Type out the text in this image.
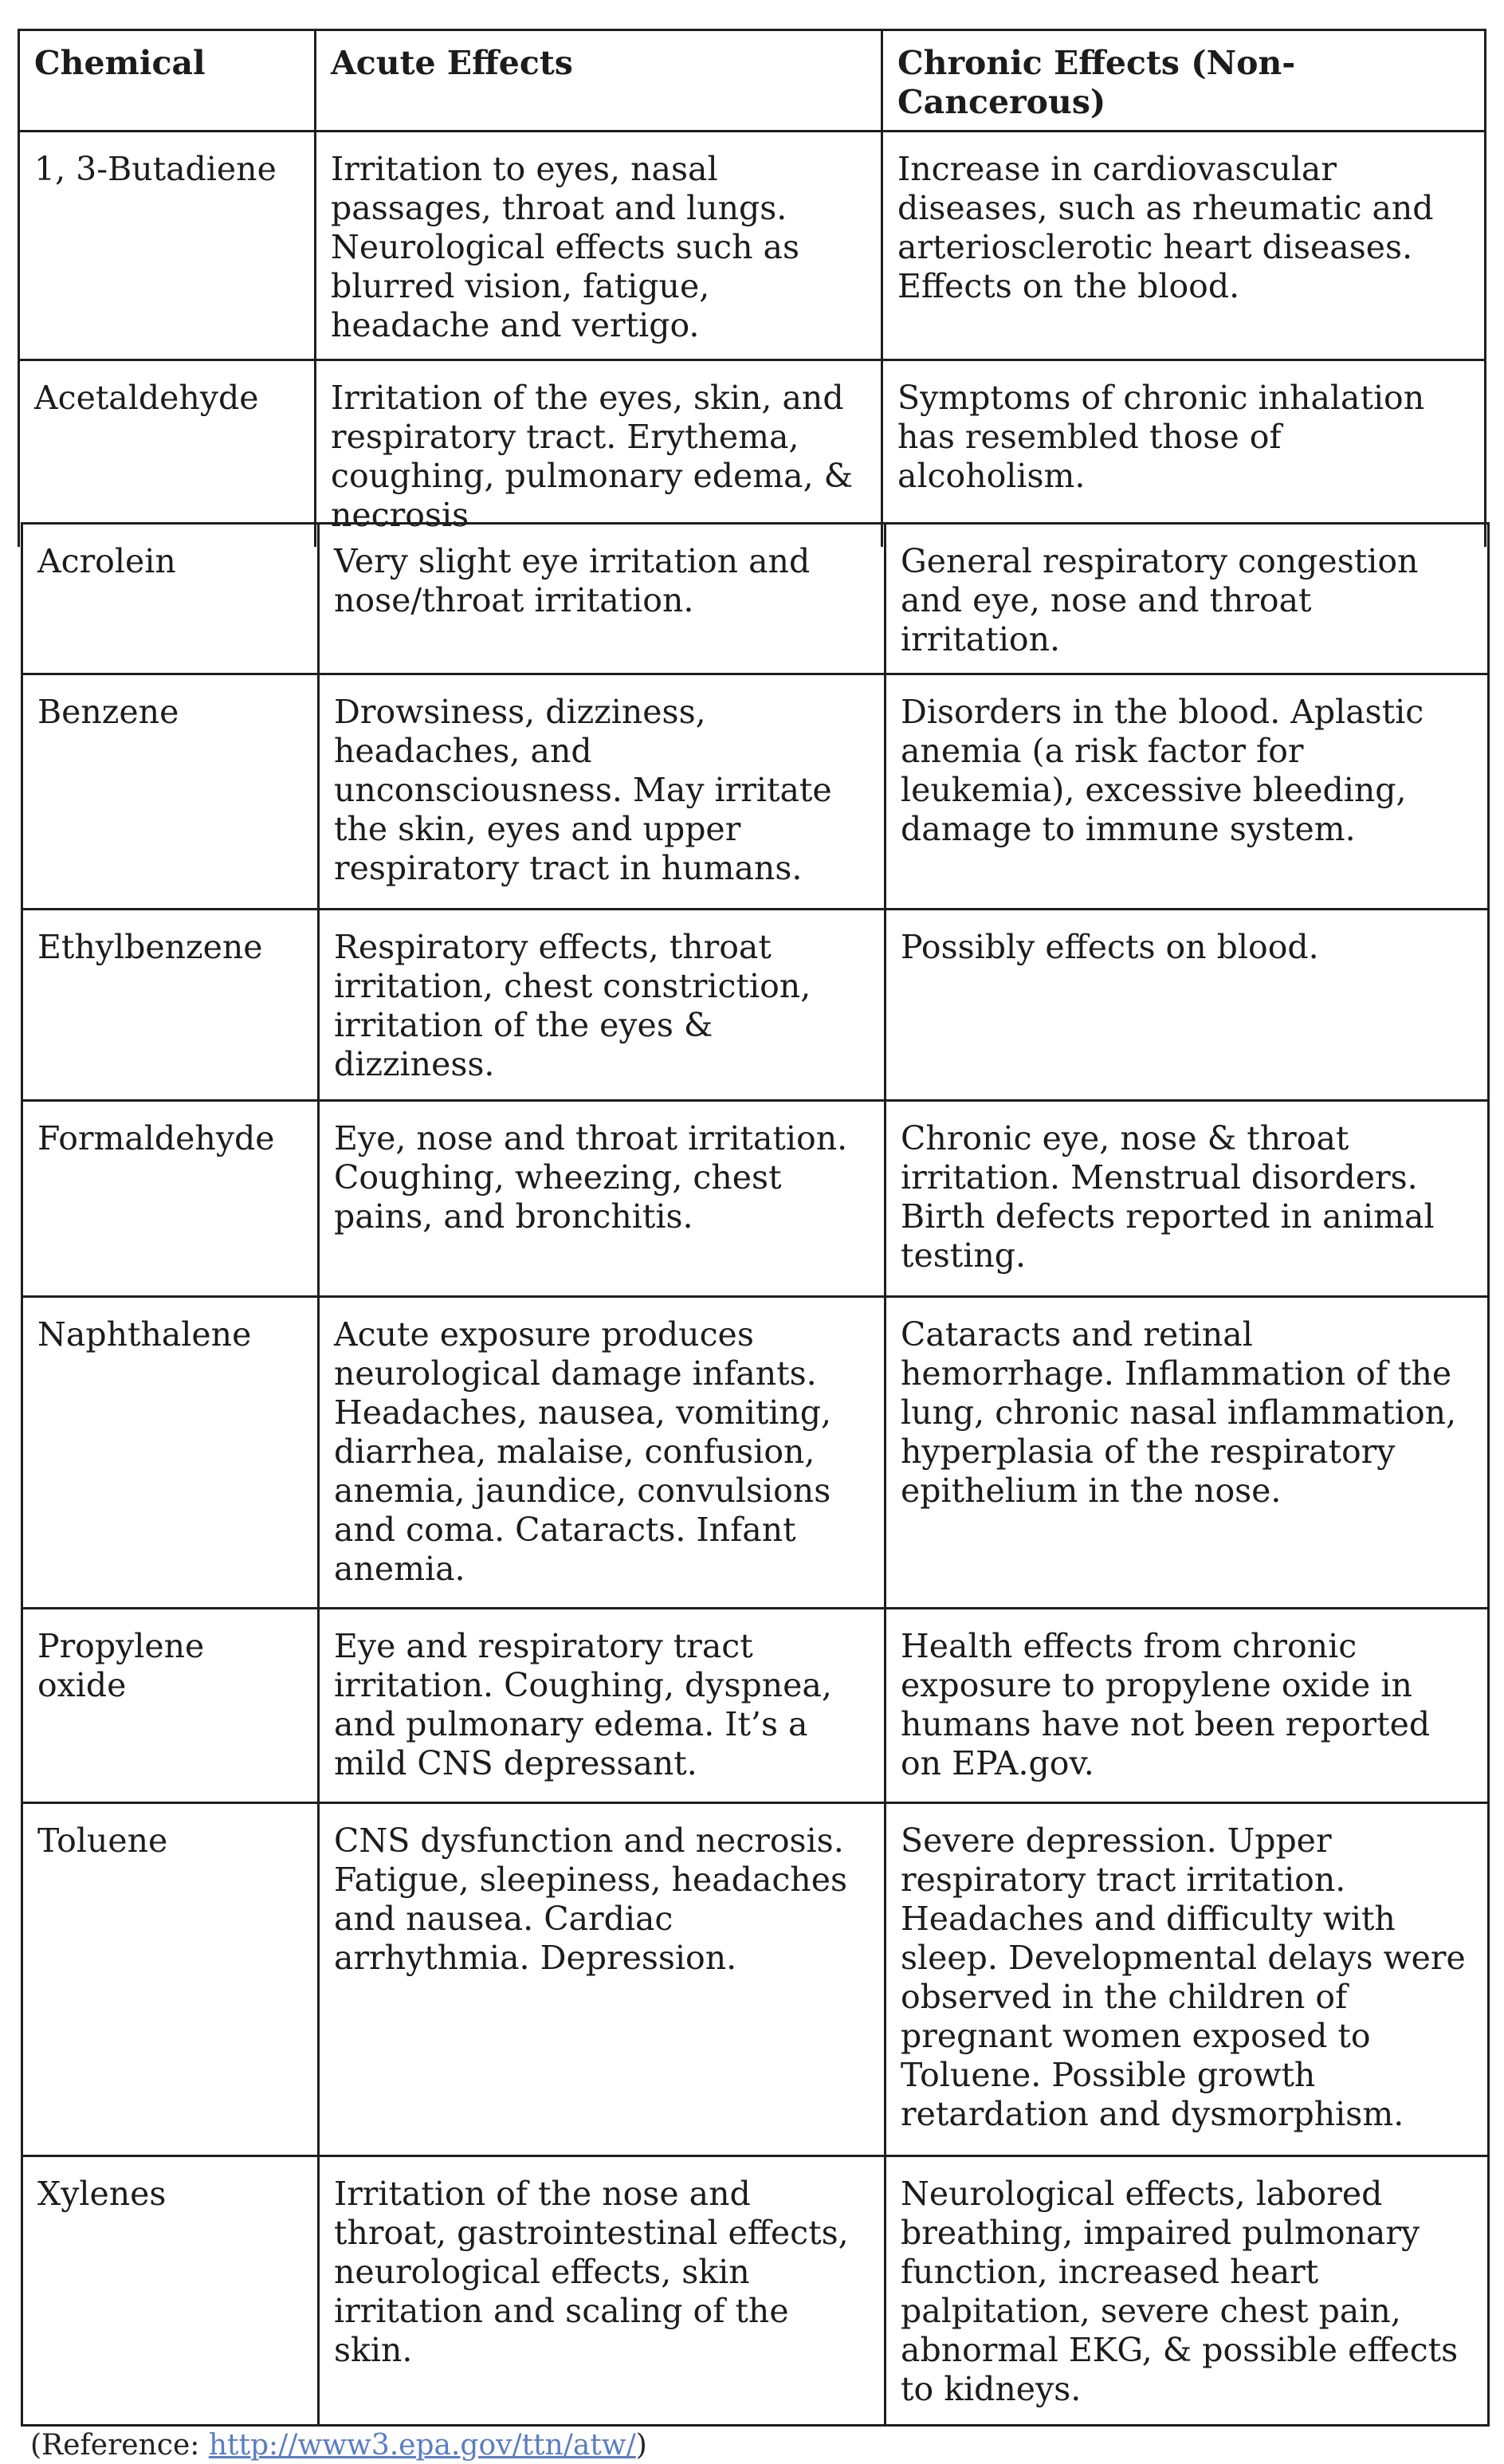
Chemical	Acute Effects	Chronic Effects (Non-Cancerous)
1, 3-Butadiene	Irritation to eyes, nasal passages, throat and lungs. Neurological effects such as blurred vision, fatigue, headache and vertigo.	Increase in cardiovascular diseases, such as rheumatic and arteriosclerotic heart diseases. Effects on the blood.
Acetaldehyde	Irritation of the eyes, skin, and respiratory tract. Erythema, coughing, pulmonary edema, & necrosis	Symptoms of chronic inhalation has resembled those of alcoholism.
Acrolein	Very slight eye irritation and nose/throat irritation.	General respiratory congestion and eye, nose and throat irritation.
Benzene	Drowsiness, dizziness, headaches, and unconsciousness. May irritate the skin, eyes and upper respiratory tract in humans.	Disorders in the blood. Aplastic anemia (a risk factor for leukemia), excessive bleeding, damage to immune system.
Ethylbenzene	Respiratory effects, throat irritation, chest constriction, irritation of the eyes & dizziness.	Possibly effects on blood.
Formaldehyde	Eye, nose and throat irritation. Coughing, wheezing, chest pains, and bronchitis.	Chronic eye, nose & throat irritation. Menstrual disorders. Birth defects reported in animal testing.
Naphthalene	Acute exposure produces neurological damage infants. Headaches, nausea, vomiting, diarrhea, malaise, confusion, anemia, jaundice, convulsions and coma. Cataracts. Infant anemia.	Cataracts and retinal hemorrhage. Inflammation of the lung, chronic nasal inflammation, hyperplasia of the respiratory epithelium in the nose.
Propylene oxide	Eye and respiratory tract irritation. Coughing, dyspnea, and pulmonary edema. It’s a mild CNS depressant.	Health effects from chronic exposure to propylene oxide in humans have not been reported on EPA.gov.
Toluene	CNS dysfunction and necrosis. Fatigue, sleepiness, headaches and nausea. Cardiac arrhythmia. Depression.	Severe depression. Upper respiratory tract irritation. Headaches and difficulty with sleep. Developmental delays were observed in the children of pregnant women exposed to Toluene. Possible growth retardation and dysmorphism.
Xylenes	Irritation of the nose and throat, gastrointestinal effects, neurological effects, skin irritation and scaling of the skin.	Neurological effects, labored breathing, impaired pulmonary function, increased heart palpitation, severe chest pain, abnormal EKG, & possible effects to kidneys.
(Reference: http://www3.epa.gov/ttn/atw/)
